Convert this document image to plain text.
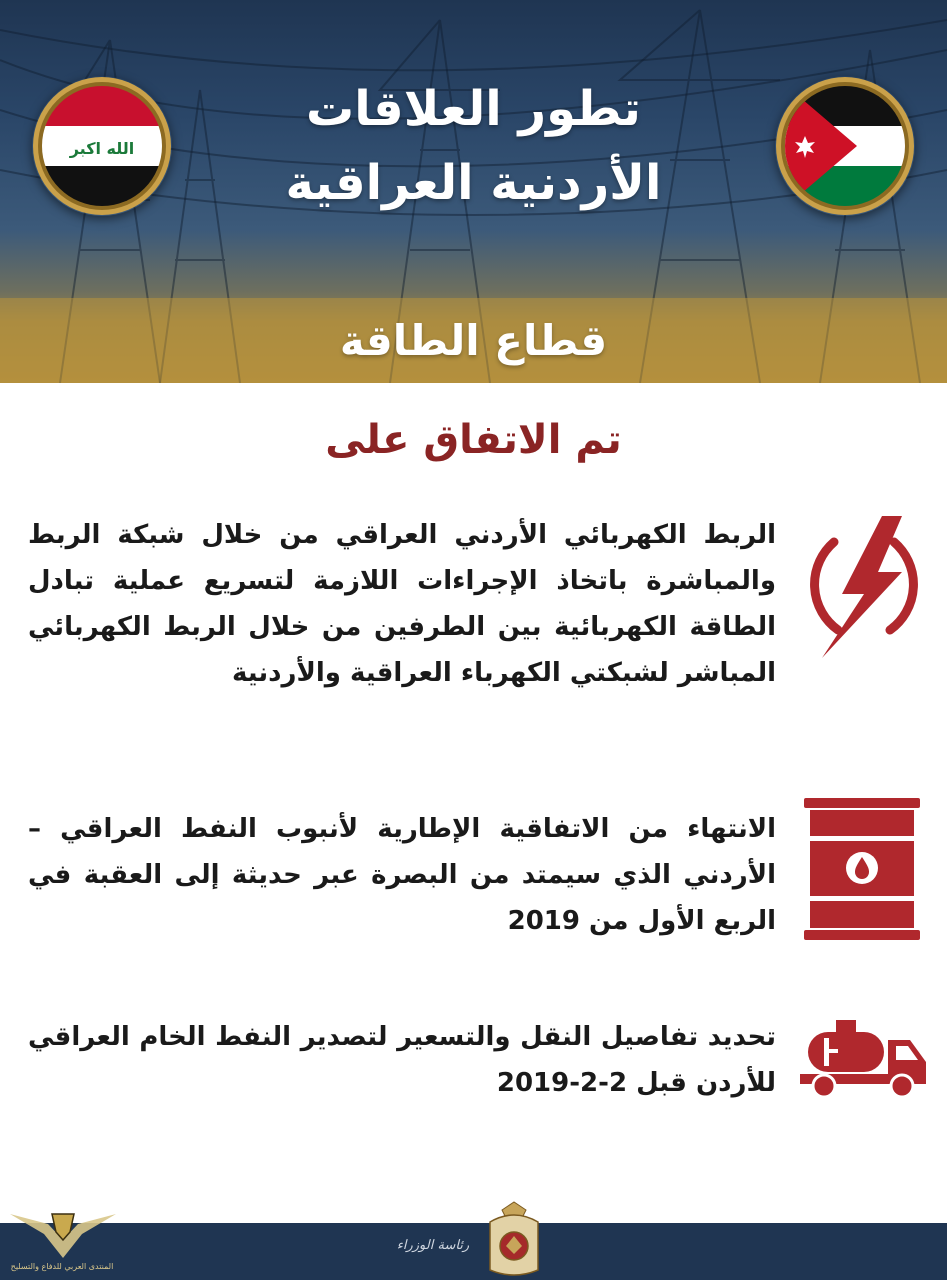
الله اكبر
تطور العلاقات
الأردنية العراقية
قطاع الطاقة
تم الاتفاق على
الربط الكهربائي الأردني العراقي من خلال شبكة الربط والمباشرة باتخاذ الإجراءات اللازمة لتسريع عملية تبادل الطاقة الكهربائية بين الطرفين من خلال الربط الكهربائي المباشر لشبكتي الكهرباء العراقية والأردنية
الانتهاء من الاتفاقية الإطارية لأنبوب النفط العراقي – الأردني الذي سيمتد من البصرة عبر حديثة إلى العقبة في الربع الأول من 2019
تحديد تفاصيل النقل والتسعير لتصدير النفط الخام العراقي للأردن قبل 2-2-2019
رئاسة الوزراء
المنتدى العربي للدفاع والتسليح
